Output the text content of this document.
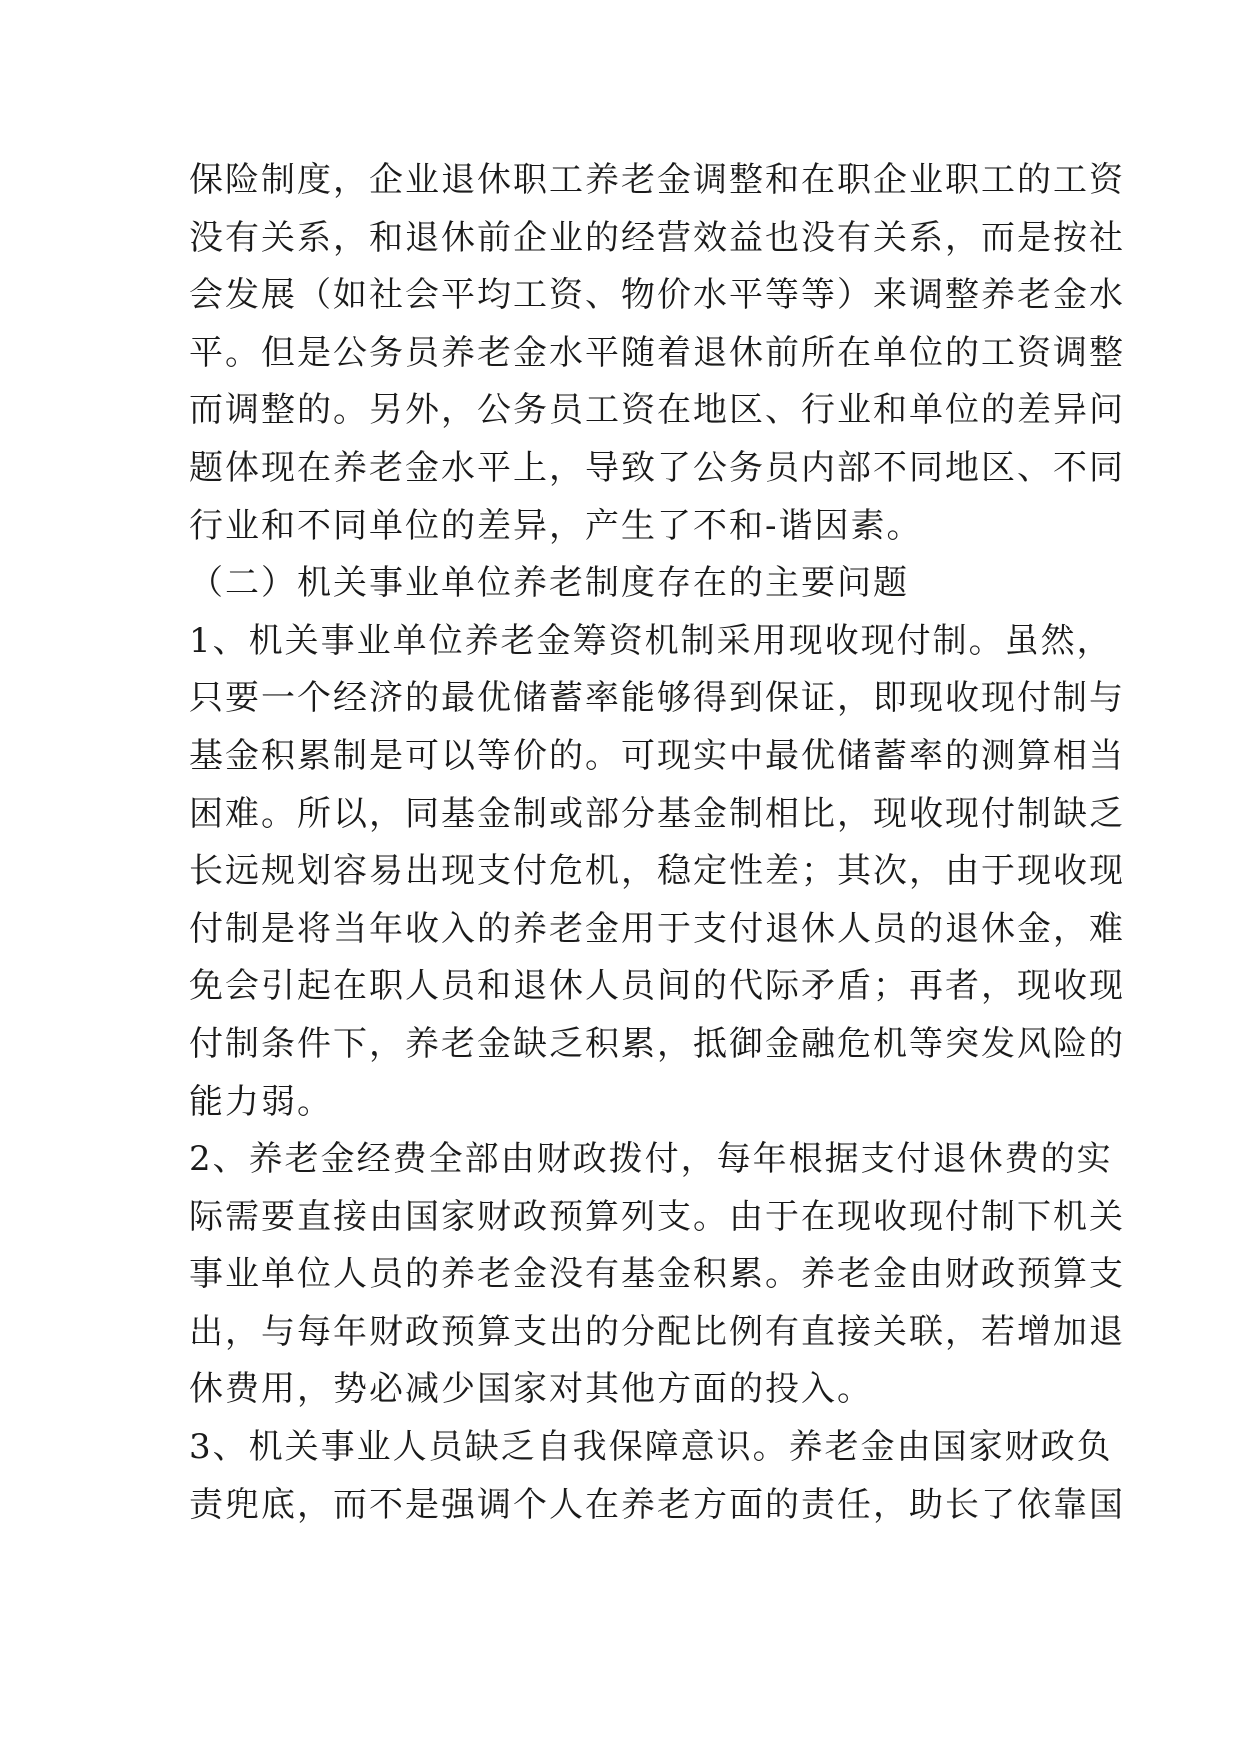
保险制度，企业退休职工养老金调整和在职企业职工的工资
没有关系，和退休前企业的经营效益也没有关系，而是按社
会发展（如社会平均工资、物价水平等等）来调整养老金水
平。但是公务员养老金水平随着退休前所在单位的工资调整
而调整的。另外，公务员工资在地区、行业和单位的差异问
题体现在养老金水平上，导致了公务员内部不同地区、不同
行业和不同单位的差异，产生了不和-谐因素。
（二）机关事业单位养老制度存在的主要问题
1、机关事业单位养老金筹资机制采用现收现付制。虽然，
只要一个经济的最优储蓄率能够得到保证，即现收现付制与
基金积累制是可以等价的。可现实中最优储蓄率的测算相当
困难。所以，同基金制或部分基金制相比，现收现付制缺乏
长远规划容易出现支付危机，稳定性差；其次，由于现收现
付制是将当年收入的养老金用于支付退休人员的退休金，难
免会引起在职人员和退休人员间的代际矛盾；再者，现收现
付制条件下，养老金缺乏积累，抵御金融危机等突发风险的
能力弱。
2、养老金经费全部由财政拨付，每年根据支付退休费的实
际需要直接由国家财政预算列支。由于在现收现付制下机关
事业单位人员的养老金没有基金积累。养老金由财政预算支
出，与每年财政预算支出的分配比例有直接关联，若增加退
休费用，势必减少国家对其他方面的投入。
3、机关事业人员缺乏自我保障意识。养老金由国家财政负
责兜底，而不是强调个人在养老方面的责任，助长了依靠国
